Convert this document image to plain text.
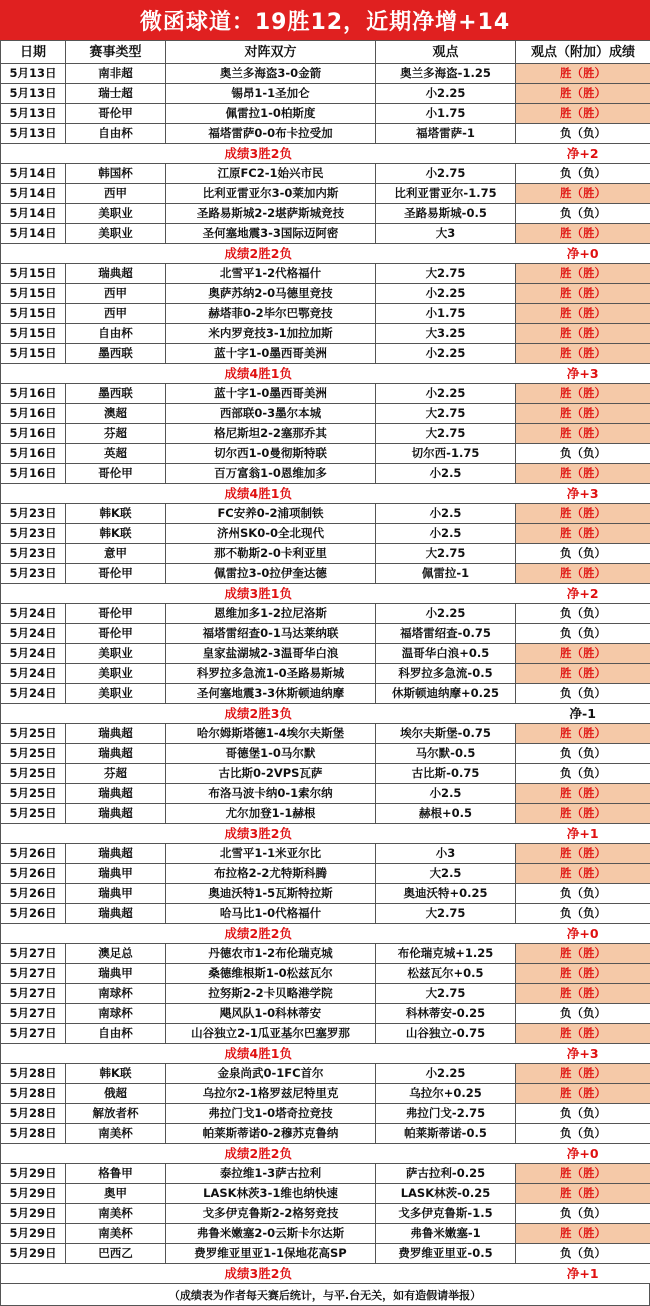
微函球道：19胜12，近期净增+14
日期	赛事类型	对阵双方	观点	观点（附加）成绩
5月13日	南非超	奥兰多海盗3-0金箭	奥兰多海盗-1.25	胜（胜）
5月13日	瑞士超	锡昂1-1圣加仑	小2.25	胜（胜）
5月13日	哥伦甲	佩雷拉1-0柏斯度	小1.75	胜（胜）
5月13日	自由杯	福塔雷萨0-0布卡拉受加	福塔雷萨-1	负（负）
成绩3胜2负				净+2
5月14日	韩国杯	江原FC2-1始兴市民	小2.75	负（负）
5月14日	西甲	比利亚雷亚尔3-0莱加内斯	比利亚雷亚尔-1.75	胜（胜）
5月14日	美职业	圣路易斯城2-2堪萨斯城竞技	圣路易斯城-0.5	负（负）
5月14日	美职业	圣何塞地震3-3国际迈阿密	大3	胜（胜）
成绩2胜2负				净+0
5月15日	瑞典超	北雪平1-2代格福什	大2.75	胜（胜）
5月15日	西甲	奥萨苏纳2-0马德里竞技	小2.25	胜（胜）
5月15日	西甲	赫塔菲0-2毕尔巴鄂竞技	小1.75	胜（胜）
5月15日	自由杯	米内罗竞技3-1加拉加斯	大3.25	胜（胜）
5月15日	墨西联	蓝十字1-0墨西哥美洲	小2.25	胜（胜）
成绩4胜1负				净+3
5月16日	墨西联	蓝十字1-0墨西哥美洲	小2.25	胜（胜）
5月16日	澳超	西部联0-3墨尔本城	大2.75	胜（胜）
5月16日	芬超	格尼斯坦2-2塞那乔其	大2.75	胜（胜）
5月16日	英超	切尔西1-0曼彻斯特联	切尔西-1.75	负（负）
5月16日	哥伦甲	百万富翁1-0恩维加多	小2.5	胜（胜）
成绩4胜1负				净+3
5月23日	韩K联	FC安养0-2浦项制铁	小2.5	胜（胜）
5月23日	韩K联	济州SK0-0全北现代	小2.5	胜（胜）
5月23日	意甲	那不勒斯2-0卡利亚里	大2.75	负（负）
5月23日	哥伦甲	佩雷拉3-0拉伊奎达德	佩雷拉-1	胜（胜）
成绩3胜1负				净+2
5月24日	哥伦甲	恩维加多1-2拉尼洛斯	小2.25	负（负）
5月24日	哥伦甲	福塔雷绍查0-1马达莱纳联	福塔雷绍查-0.75	负（负）
5月24日	美职业	皇家盐湖城2-3温哥华白浪	温哥华白浪+0.5	胜（胜）
5月24日	美职业	科罗拉多急流1-0圣路易斯城	科罗拉多急流-0.5	胜（胜）
5月24日	美职业	圣何塞地震3-3休斯顿迪纳摩	休斯顿迪纳摩+0.25	负（负）
成绩2胜3负				净-1
5月25日	瑞典超	哈尔姆斯塔德1-4埃尔夫斯堡	埃尔夫斯堡-0.75	胜（胜）
5月25日	瑞典超	哥德堡1-0马尔默	马尔默-0.5	负（负）
5月25日	芬超	古比斯0-2VPS瓦萨	古比斯-0.75	负（负）
5月25日	瑞典超	布洛马波卡纳0-1索尔纳	小2.5	胜（胜）
5月25日	瑞典超	尤尔加登1-1赫根	赫根+0.5	胜（胜）
成绩3胜2负				净+1
5月26日	瑞典超	北雪平1-1米亚尔比	小3	胜（胜）
5月26日	瑞典甲	布拉格2-2尤特斯科腾	大2.5	胜（胜）
5月26日	瑞典甲	奥迪沃特1-5瓦斯特拉斯	奥迪沃特+0.25	负（负）
5月26日	瑞典超	哈马比1-0代格福什	大2.75	负（负）
成绩2胜2负				净+0
5月27日	澳足总	丹德农市1-2布伦瑞克城	布伦瑞克城+1.25	胜（胜）
5月27日	瑞典甲	桑德维根斯1-0松兹瓦尔	松兹瓦尔+0.5	胜（胜）
5月27日	南球杯	拉努斯2-2卡贝略港学院	大2.75	胜（胜）
5月27日	南球杯	飓风队1-0科林蒂安	科林蒂安-0.25	负（负）
5月27日	自由杯	山谷独立2-1瓜亚基尔巴塞罗那	山谷独立-0.75	胜（胜）
成绩4胜1负				净+3
5月28日	韩K联	金泉尚武0-1FC首尔	小2.25	胜（胜）
5月28日	俄超	乌拉尔2-1格罗兹尼特里克	乌拉尔+0.25	胜（胜）
5月28日	解放者杯	弗拉门戈1-0塔奇拉竞技	弗拉门戈-2.75	负（负）
5月28日	南美杯	帕莱斯蒂诺0-2穆苏克鲁纳	帕莱斯蒂诺-0.5	负（负）
成绩2胜2负				净+0
5月29日	格鲁甲	泰拉维1-3萨古拉利	萨古拉利-0.25	胜（胜）
5月29日	奥甲	LASK林茨3-1维也纳快速	LASK林茨-0.25	胜（胜）
5月29日	南美杯	戈多伊克鲁斯2-2格努竞技	戈多伊克鲁斯-1.5	负（负）
5月29日	南美杯	弗鲁米嫩塞2-0云斯卡尔达斯	弗鲁米嫩塞-1	胜（胜）
5月29日	巴西乙	费罗维亚里亚1-1保地花高SP	费罗维亚里亚-0.5	负（负）
成绩3胜2负				净+1
（成绩表为作者每天赛后统计，与平.台无关，如有造假请举报）
